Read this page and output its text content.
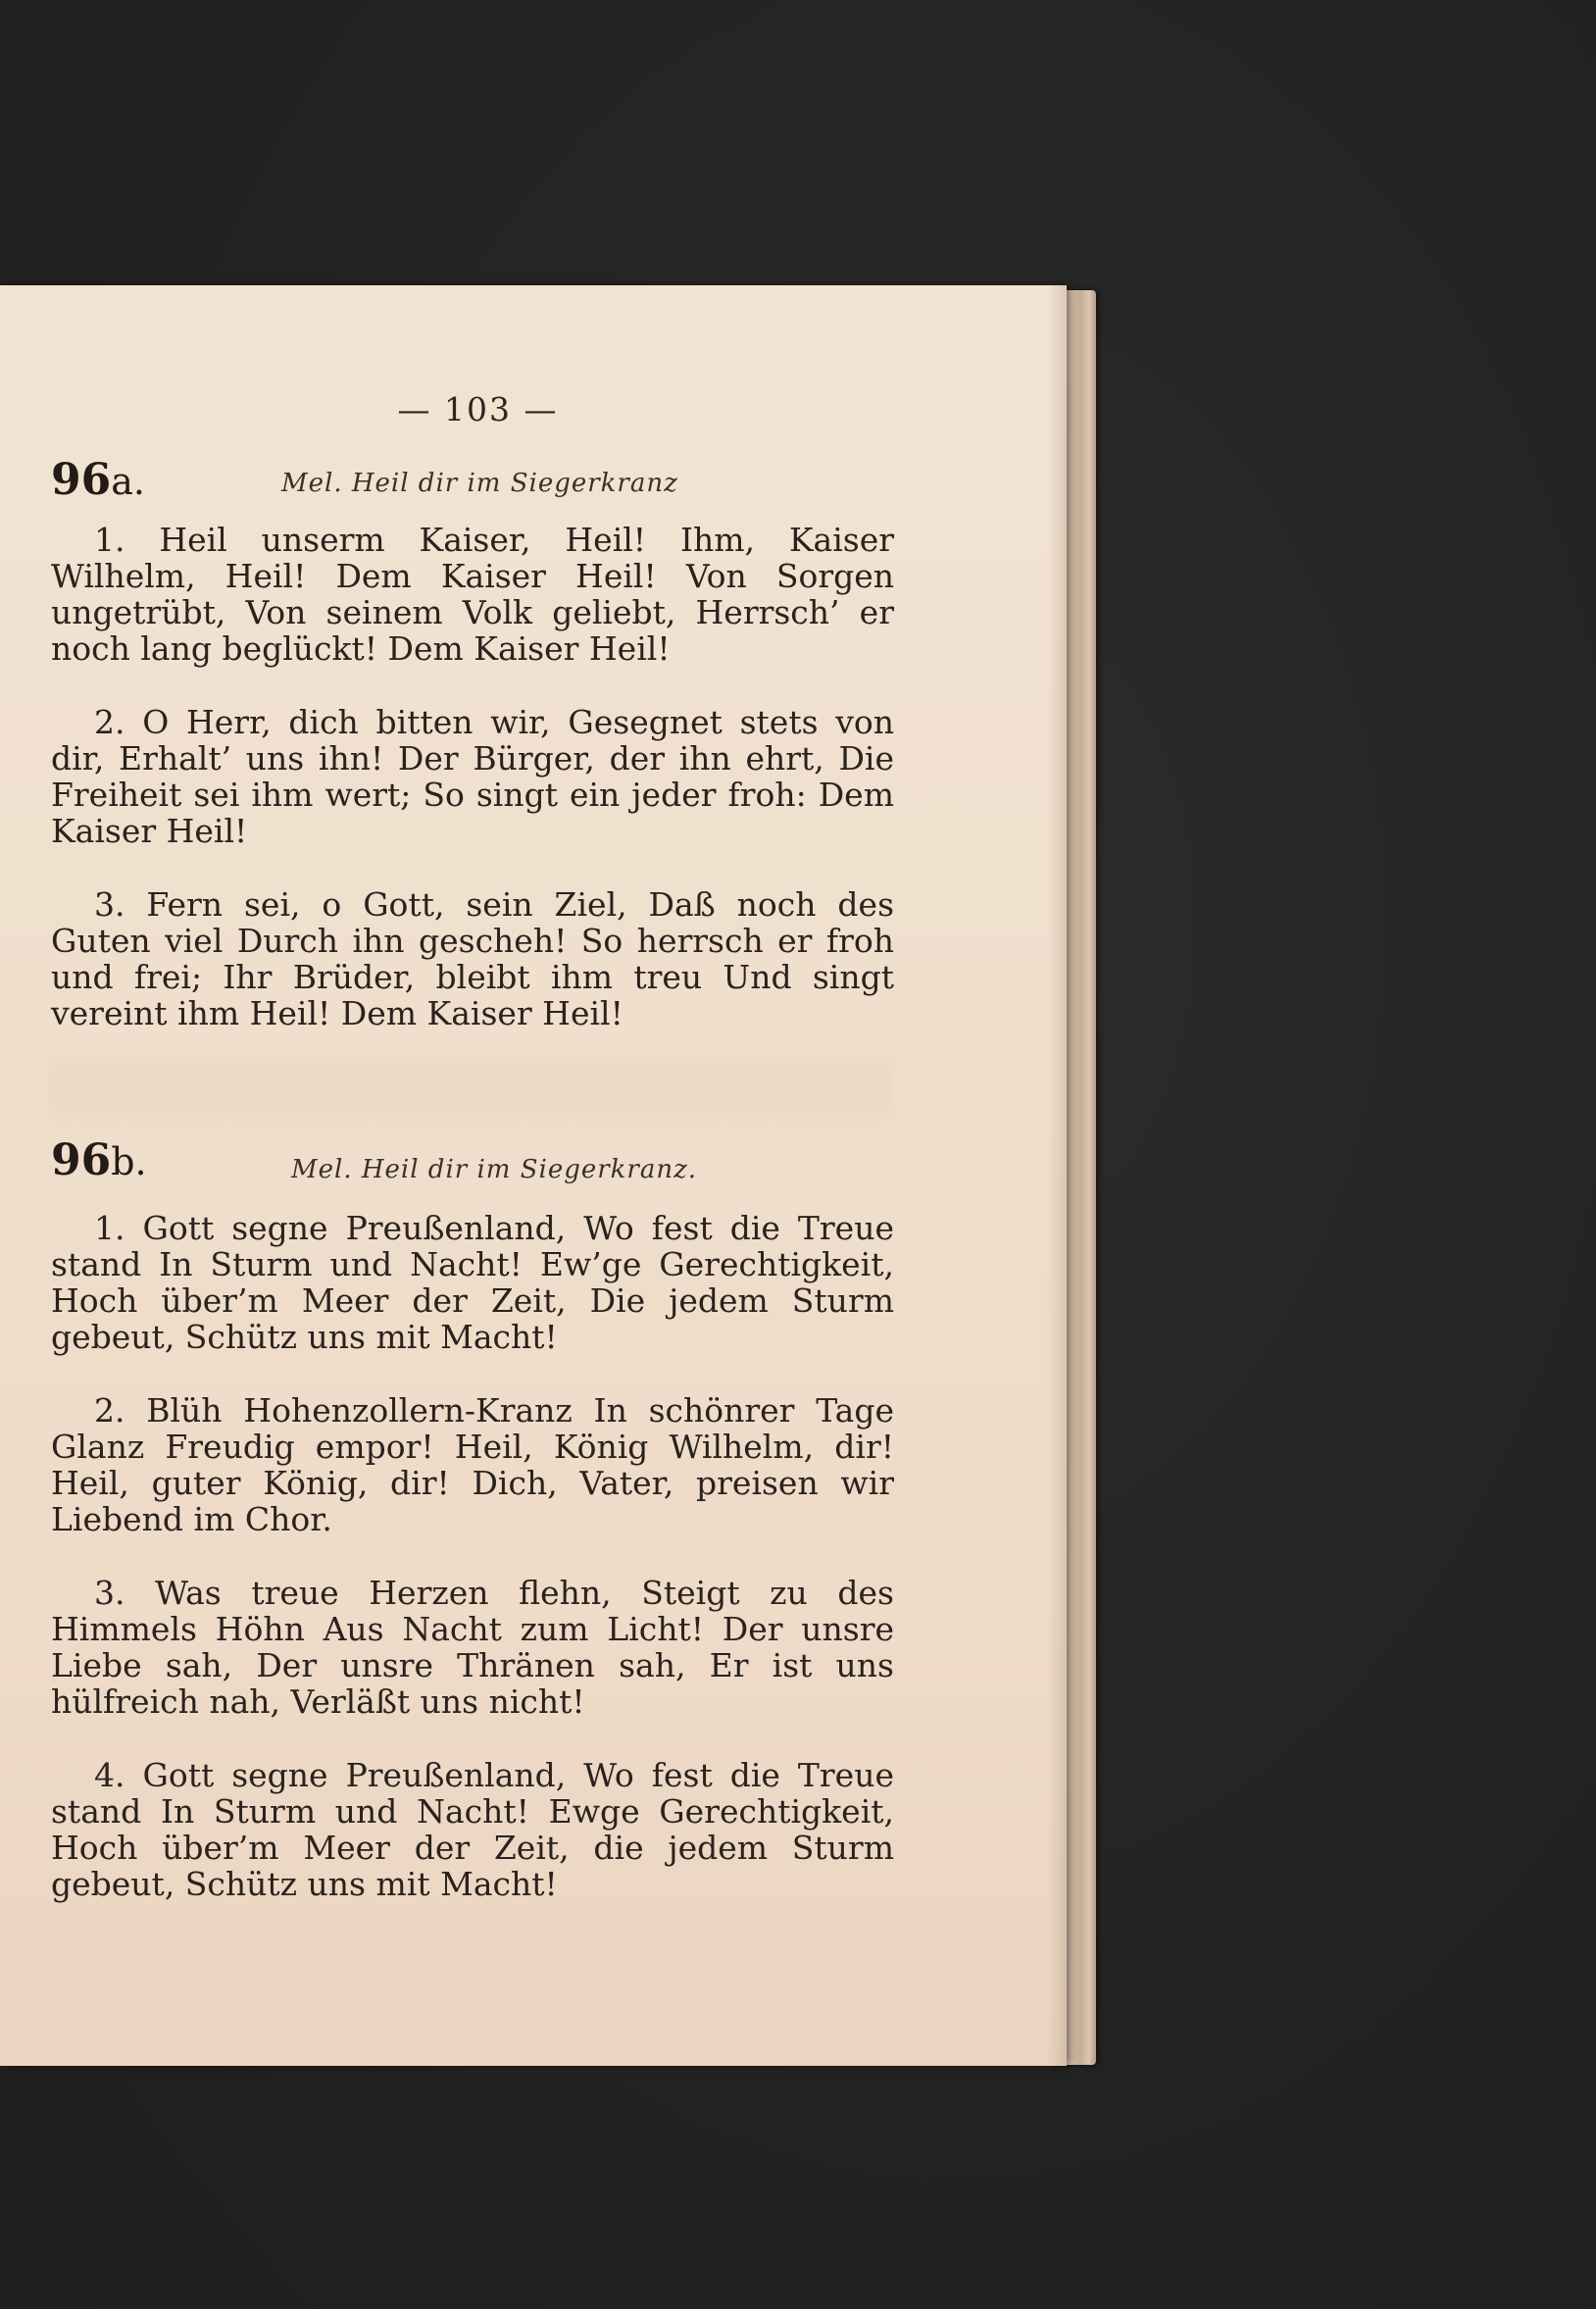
— 103 —
96a.	Mel. Heil dir im Siegerkranz

1. Heil unserm Kaiser, Heil! Ihm, Kaiser Wilhelm, Heil! Dem Kaiser Heil! Von Sorgen ungetrübt, Von seinem Volk geliebt, Herrsch’ er noch lang beglückt! Dem Kaiser Heil!

2. O Herr, dich bitten wir, Gesegnet stets von dir, Erhalt’ uns ihn! Der Bürger, der ihn ehrt, Die Freiheit sei ihm wert; So singt ein jeder froh: Dem Kaiser Heil!

3. Fern sei, o Gott, sein Ziel, Daß noch des Guten viel Durch ihn gescheh! So herrsch er froh und frei; Ihr Brüder, bleibt ihm treu Und singt vereint ihm Heil! Dem Kaiser Heil!

96b.	Mel. Heil dir im Siegerkranz.

1. Gott segne Preußenland, Wo fest die Treue stand In Sturm und Nacht! Ew’ge Gerechtigkeit, Hoch über’m Meer der Zeit, Die jedem Sturm gebeut, Schütz uns mit Macht!

2. Blüh Hohenzollern-Kranz In schönrer Tage Glanz Freudig empor! Heil, König Wilhelm, dir! Heil, guter König, dir! Dich, Vater, preisen wir Liebend im Chor.

3. Was treue Herzen flehn, Steigt zu des Himmels Höhn Aus Nacht zum Licht! Der unsre Liebe sah, Der unsre Thränen sah, Er ist uns hülfreich nah, Verläßt uns nicht!

4. Gott segne Preußenland, Wo fest die Treue stand In Sturm und Nacht! Ewge Gerechtigkeit, Hoch über’m Meer der Zeit, die jedem Sturm gebeut, Schütz uns mit Macht!
